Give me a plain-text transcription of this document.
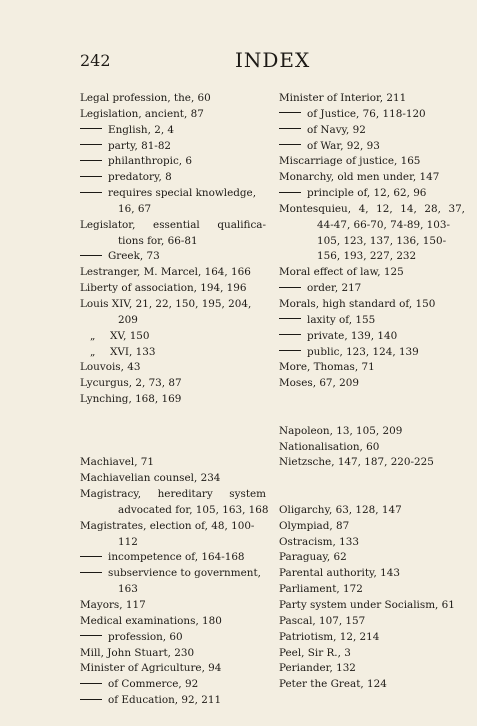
242	INDEX
Legal profession, the, 60
Legislation, ancient, 87
English, 2, 4
party, 81-82
philanthropic, 6
predatory, 8
requires special knowledge,
16, 67
Legislator, essential qualifica-
tions for, 66-81
Greek, 73
Lestranger, M. Marcel, 164, 166
Liberty of association, 194, 196
Louis XIV, 21, 22, 150, 195, 204,
209
„ XV, 150
„ XVI, 133
Louvois, 43
Lycurgus, 2, 73, 87
Lynching, 168, 169
Machiavel, 71
Machiavelian counsel, 234
Magistracy, hereditary system
advocated for, 105, 163, 168
Magistrates, election of, 48, 100-
112
incompetence of, 164-168
subservience to government,
163
Mayors, 117
Medical examinations, 180
profession, 60
Mill, John Stuart, 230
Minister of Agriculture, 94
of Commerce, 92
of Education, 92, 211
Minister of Interior, 211
of Justice, 76, 118-120
of Navy, 92
of War, 92, 93
Miscarriage of justice, 165
Monarchy, old men under, 147
principle of, 12, 62, 96
Montesquieu, 4, 12, 14, 28, 37,
44-47, 66-70, 74-89, 103-
105, 123, 137, 136, 150-
156, 193, 227, 232
Moral effect of law, 125
order, 217
Morals, high standard of, 150
laxity of, 155
private, 139, 140
public, 123, 124, 139
More, Thomas, 71
Moses, 67, 209
Napoleon, 13, 105, 209
Nationalisation, 60
Nietzsche, 147, 187, 220-225
Oligarchy, 63, 128, 147
Olympiad, 87
Ostracism, 133
Paraguay, 62
Parental authority, 143
Parliament, 172
Party system under Socialism, 61
Pascal, 107, 157
Patriotism, 12, 214
Peel, Sir R., 3
Periander, 132
Peter the Great, 124
